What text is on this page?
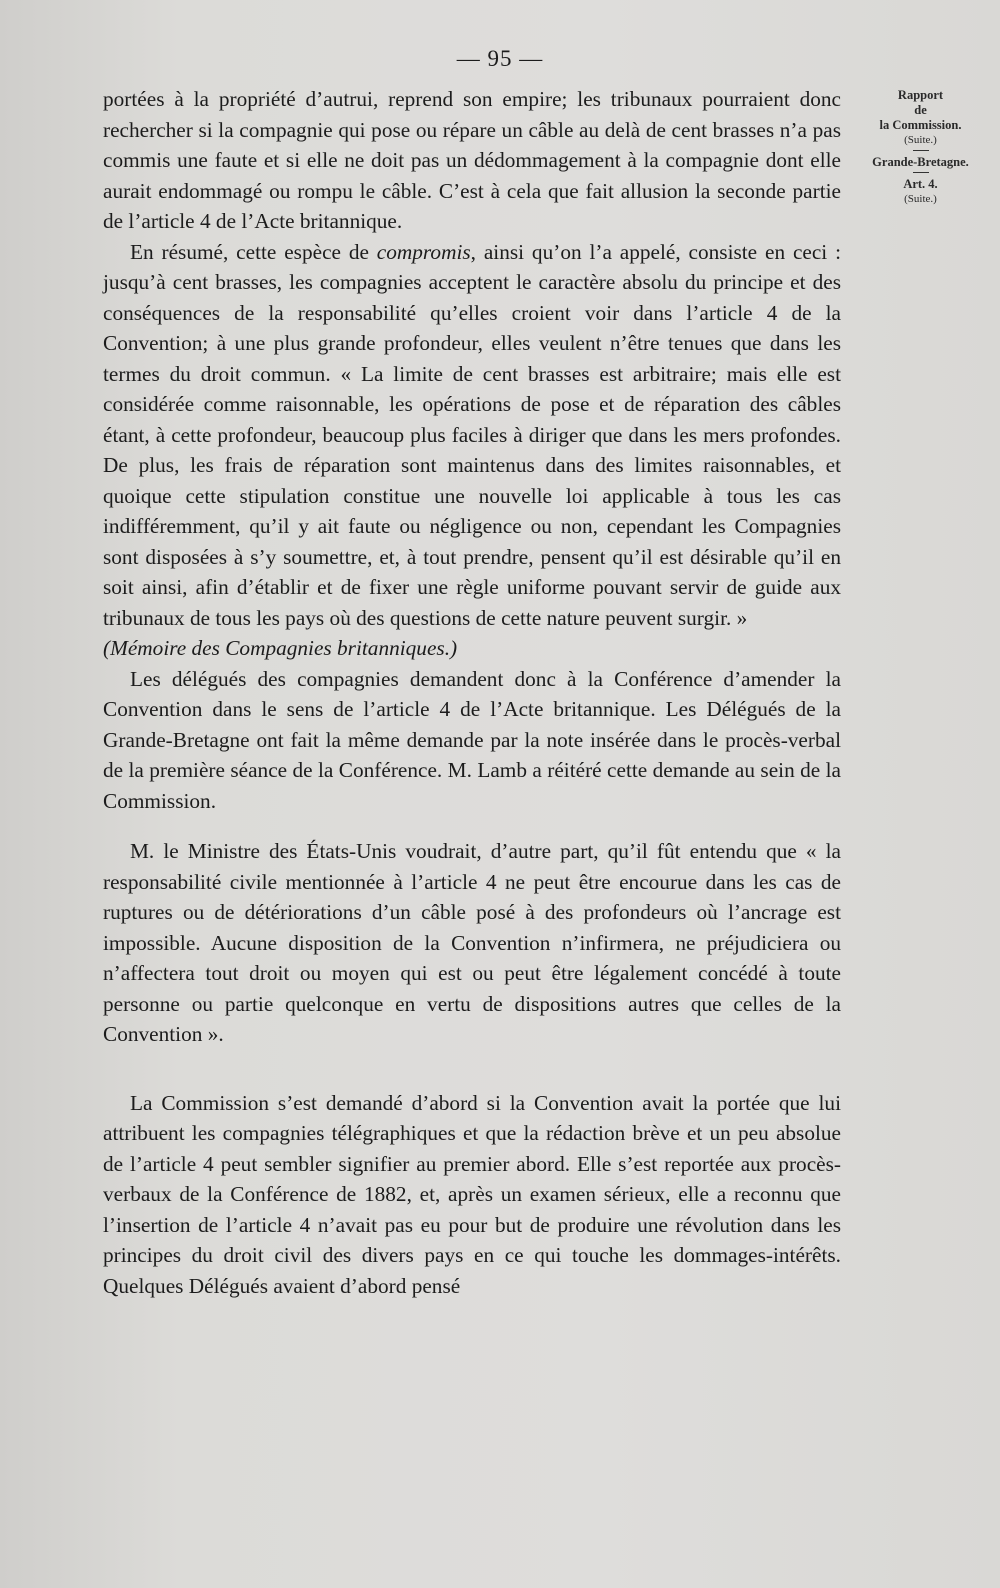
— 95 —
Rapport
de
la Commission.
(Suite.)
Grande-Bretagne.
Art. 4.
(Suite.)

portées à la propriété d’autrui, reprend son empire; les tribunaux pourraient donc rechercher si la compagnie qui pose ou répare un câble au delà de cent brasses n’a pas commis une faute et si elle ne doit pas un dédommagement à la compagnie dont elle aurait endommagé ou rompu le câble. C’est à cela que fait allusion la seconde partie de l’article 4 de l’Acte britannique.

En résumé, cette espèce de compromis, ainsi qu’on l’a appelé, consiste en ceci : jusqu’à cent brasses, les compagnies acceptent le caractère absolu du principe et des conséquences de la responsabilité qu’elles croient voir dans l’article 4 de la Convention; à une plus grande profondeur, elles veulent n’être tenues que dans les termes du droit commun. « La limite de cent brasses est arbitraire; mais elle est considérée comme raisonnable, les opérations de pose et de réparation des câbles étant, à cette profondeur, beaucoup plus faciles à diriger que dans les mers profondes. De plus, les frais de réparation sont maintenus dans des limites raisonnables, et quoique cette stipulation constitue une nouvelle loi applicable à tous les cas indifféremment, qu’il y ait faute ou négligence ou non, cependant les Compagnies sont disposées à s’y soumettre, et, à tout prendre, pensent qu’il est désirable qu’il en soit ainsi, afin d’établir et de fixer une règle uniforme pouvant servir de guide aux tribunaux de tous les pays où des questions de cette nature peuvent surgir. »

(Mémoire des Compagnies britanniques.)

Les délégués des compagnies demandent donc à la Conférence d’amender la Convention dans le sens de l’article 4 de l’Acte britannique. Les Délégués de la Grande-Bretagne ont fait la même demande par la note insérée dans le procès-verbal de la première séance de la Conférence. M. Lamb a réitéré cette demande au sein de la Commission.

M. le Ministre des États-Unis voudrait, d’autre part, qu’il fût entendu que « la responsabilité civile mentionnée à l’article 4 ne peut être encourue dans les cas de ruptures ou de détériorations d’un câble posé à des profondeurs où l’ancrage est impossible. Aucune disposition de la Convention n’infirmera, ne préjudiciera ou n’affectera tout droit ou moyen qui est ou peut être légalement concédé à toute personne ou partie quelconque en vertu de dispositions autres que celles de la Convention ».

La Commission s’est demandé d’abord si la Convention avait la portée que lui attribuent les compagnies télégraphiques et que la rédaction brève et un peu absolue de l’article 4 peut sembler signifier au premier abord. Elle s’est reportée aux procès-verbaux de la Conférence de 1882, et, après un examen sérieux, elle a reconnu que l’insertion de l’article 4 n’avait pas eu pour but de produire une révolution dans les principes du droit civil des divers pays en ce qui touche les dommages-intérêts. Quelques Délégués avaient d’abord pensé
